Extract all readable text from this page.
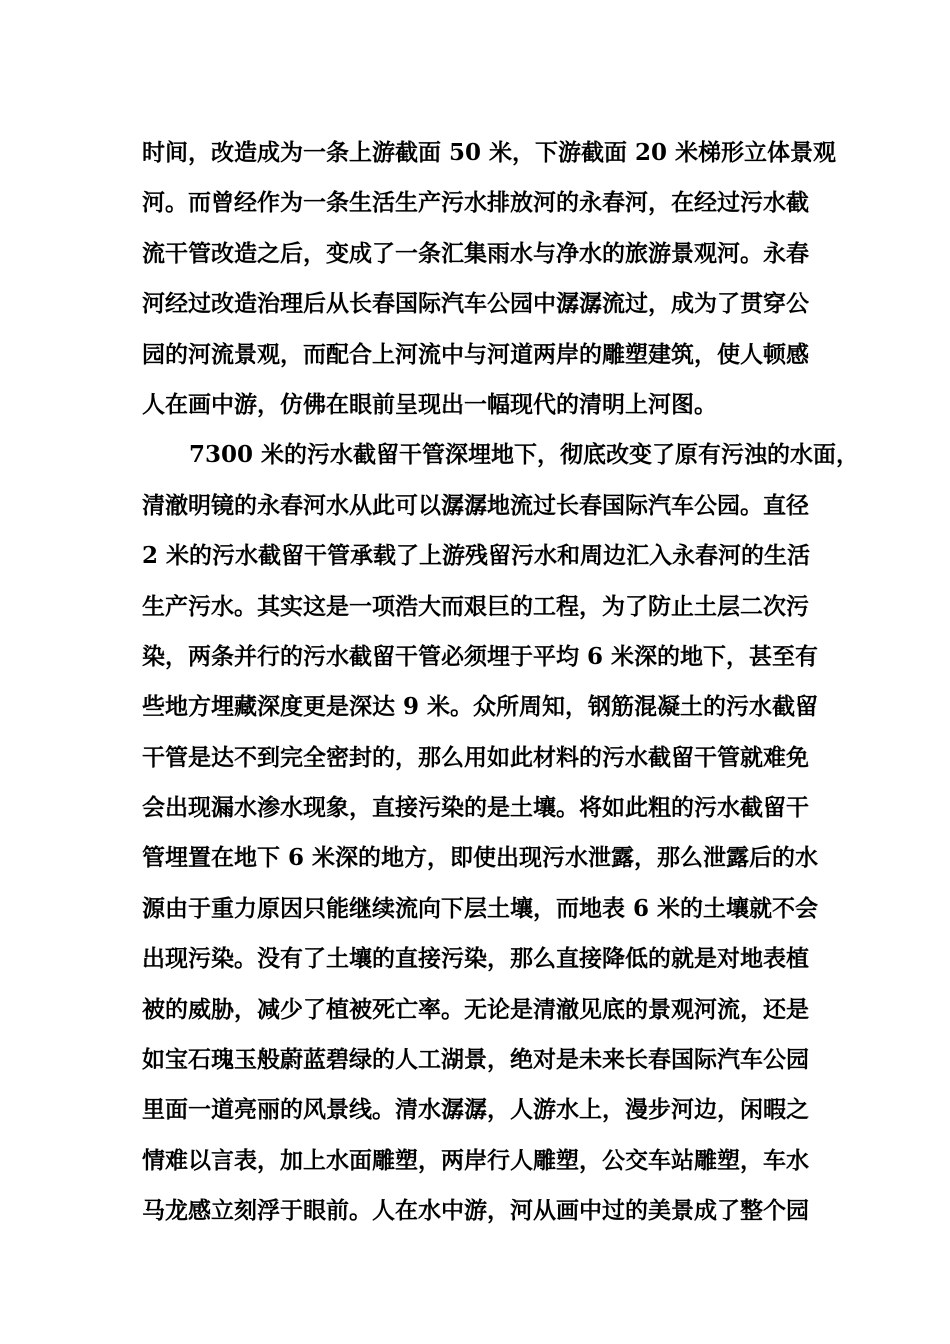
时间，改造成为一条上游截面 50 米，下游截面 20 米梯形立体景观
河。而曾经作为一条生活生产污水排放河的永春河，在经过污水截
流干管改造之后，变成了一条汇集雨水与净水的旅游景观河。永春
河经过改造治理后从长春国际汽车公园中潺潺流过，成为了贯穿公
园的河流景观，而配合上河流中与河道两岸的雕塑建筑，使人顿感
人在画中游，仿佛在眼前呈现出一幅现代的清明上河图。
7300 米的污水截留干管深埋地下，彻底改变了原有污浊的水面，
清澈明镜的永春河水从此可以潺潺地流过长春国际汽车公园。直径
2 米的污水截留干管承载了上游残留污水和周边汇入永春河的生活
生产污水。其实这是一项浩大而艰巨的工程，为了防止土层二次污
染，两条并行的污水截留干管必须埋于平均 6 米深的地下，甚至有
些地方埋藏深度更是深达 9 米。众所周知，钢筋混凝土的污水截留
干管是达不到完全密封的，那么用如此材料的污水截留干管就难免
会出现漏水渗水现象，直接污染的是土壤。将如此粗的污水截留干
管埋置在地下 6 米深的地方，即使出现污水泄露，那么泄露后的水
源由于重力原因只能继续流向下层土壤，而地表 6 米的土壤就不会
出现污染。没有了土壤的直接污染，那么直接降低的就是对地表植
被的威胁，减少了植被死亡率。无论是清澈见底的景观河流，还是
如宝石瑰玉般蔚蓝碧绿的人工湖景，绝对是未来长春国际汽车公园
里面一道亮丽的风景线。清水潺潺，人游水上，漫步河边，闲暇之
情难以言表，加上水面雕塑，两岸行人雕塑，公交车站雕塑，车水
马龙感立刻浮于眼前。人在水中游，河从画中过的美景成了整个园
